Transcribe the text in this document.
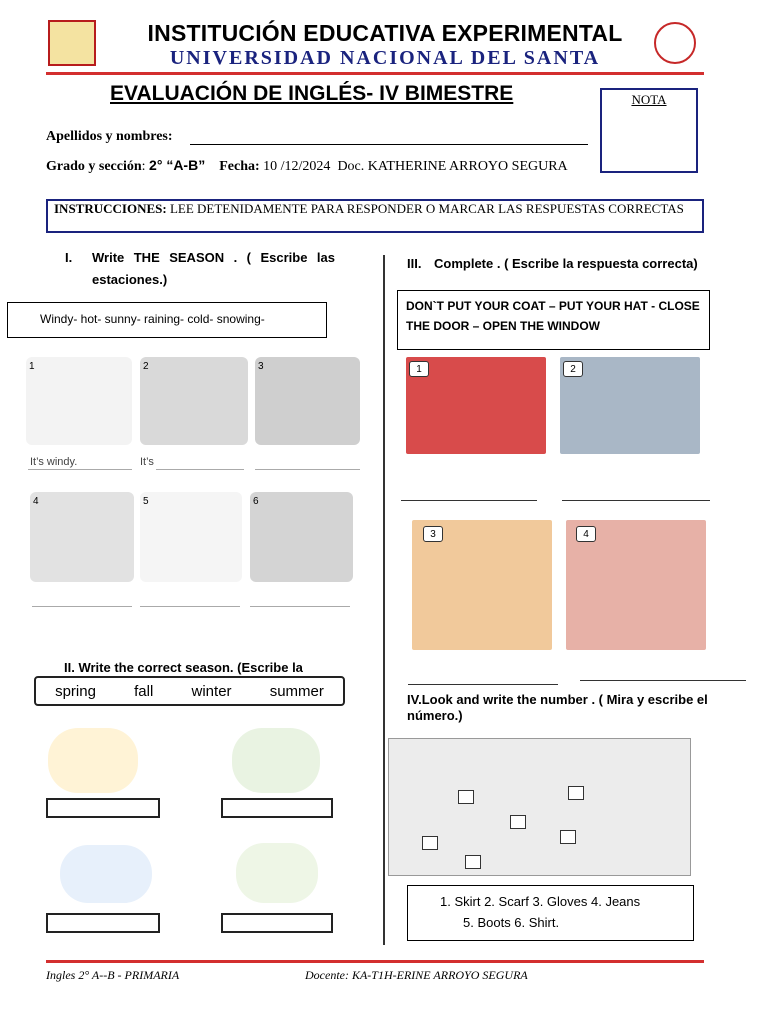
INSTITUCIÓN EDUCATIVA EXPERIMENTAL
UNIVERSIDAD NACIONAL DEL SANTA
EVALUACIÓN DE INGLÉS- IV BIMESTRE	NOTA
Apellidos y nombres:
Grado y sección: 2° “A-B” Fecha: 10 /12/2024 Doc. KATHERINE ARROYO SEGURA
INSTRUCCIONES: LEE DETENIDAMENTE PARA RESPONDER O MARCAR LAS RESPUESTAS CORRECTAS
I. Write THE SEASON . ( Escribe las estaciones.)
Windy- hot- sunny- raining- cold- snowing-
1	2	3
It’s windy.	It’s
4	5	6
II. Write the correct season. (Escribe la
spring	fall	winter	summer
III. Complete . ( Escribe la respuesta correcta)
DON`T PUT YOUR COAT – PUT YOUR HAT - CLOSE THE DOOR – OPEN THE WINDOW
1	2
3	4
IV.Look and write the number . ( Mira y escribe el número.)
1. Skirt 2. Scarf 3. Gloves 4. Jeans
5. Boots 6. Shirt.
Ingles 2° A--B - PRIMARIA	Docente: KA-T1H-ERINE ARROYO SEGURA
